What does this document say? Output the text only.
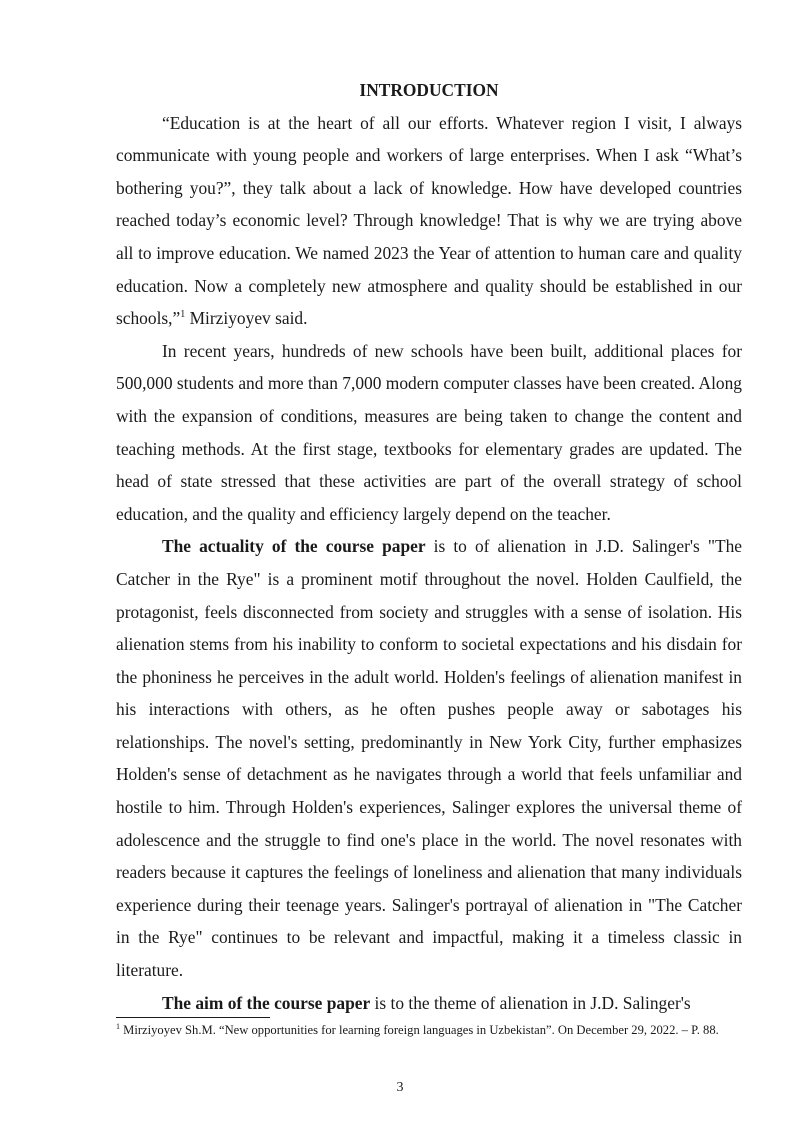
INTRODUCTION

“Education is at the heart of all our efforts. Whatever region I visit, I always communicate with young people and workers of large enterprises. When I ask “What’s bothering you?”, they talk about a lack of knowledge. How have developed countries reached today’s economic level? Through knowledge! That is why we are trying above all to improve education. We named 2023 the Year of attention to human care and quality education. Now a completely new atmosphere and quality should be established in our schools,”$^1$ Mirziyoyev said.

In recent years, hundreds of new schools have been built, additional places for 500,000 students and more than 7,000 modern computer classes have been created. Along with the expansion of conditions, measures are being taken to change the content and teaching methods. At the first stage, textbooks for elementary grades are updated. The head of state stressed that these activities are part of the overall strategy of school education, and the quality and efficiency largely depend on the teacher.

The actuality of the course paper is to of alienation in J.D. Salinger's "The Catcher in the Rye" is a prominent motif throughout the novel. Holden Caulfield, the protagonist, feels disconnected from society and struggles with a sense of isolation. His alienation stems from his inability to conform to societal expectations and his disdain for the phoniness he perceives in the adult world. Holden's feelings of alienation manifest in his interactions with others, as he often pushes people away or sabotages his relationships. The novel's setting, predominantly in New York City, further emphasizes Holden's sense of detachment as he navigates through a world that feels unfamiliar and hostile to him. Through Holden's experiences, Salinger explores the universal theme of adolescence and the struggle to find one's place in the world. The novel resonates with readers because it captures the feelings of loneliness and alienation that many individuals experience during their teenage years. Salinger's portrayal of alienation in "The Catcher in the Rye" continues to be relevant and impactful, making it a timeless classic in literature.

The aim of the course paper is to the theme of alienation in J.D. Salinger's

$^1$ Mirziyoyev Sh.M. “New opportunities for learning foreign languages in Uzbekistan”. On December 29, 2022. – P. 88.
3
